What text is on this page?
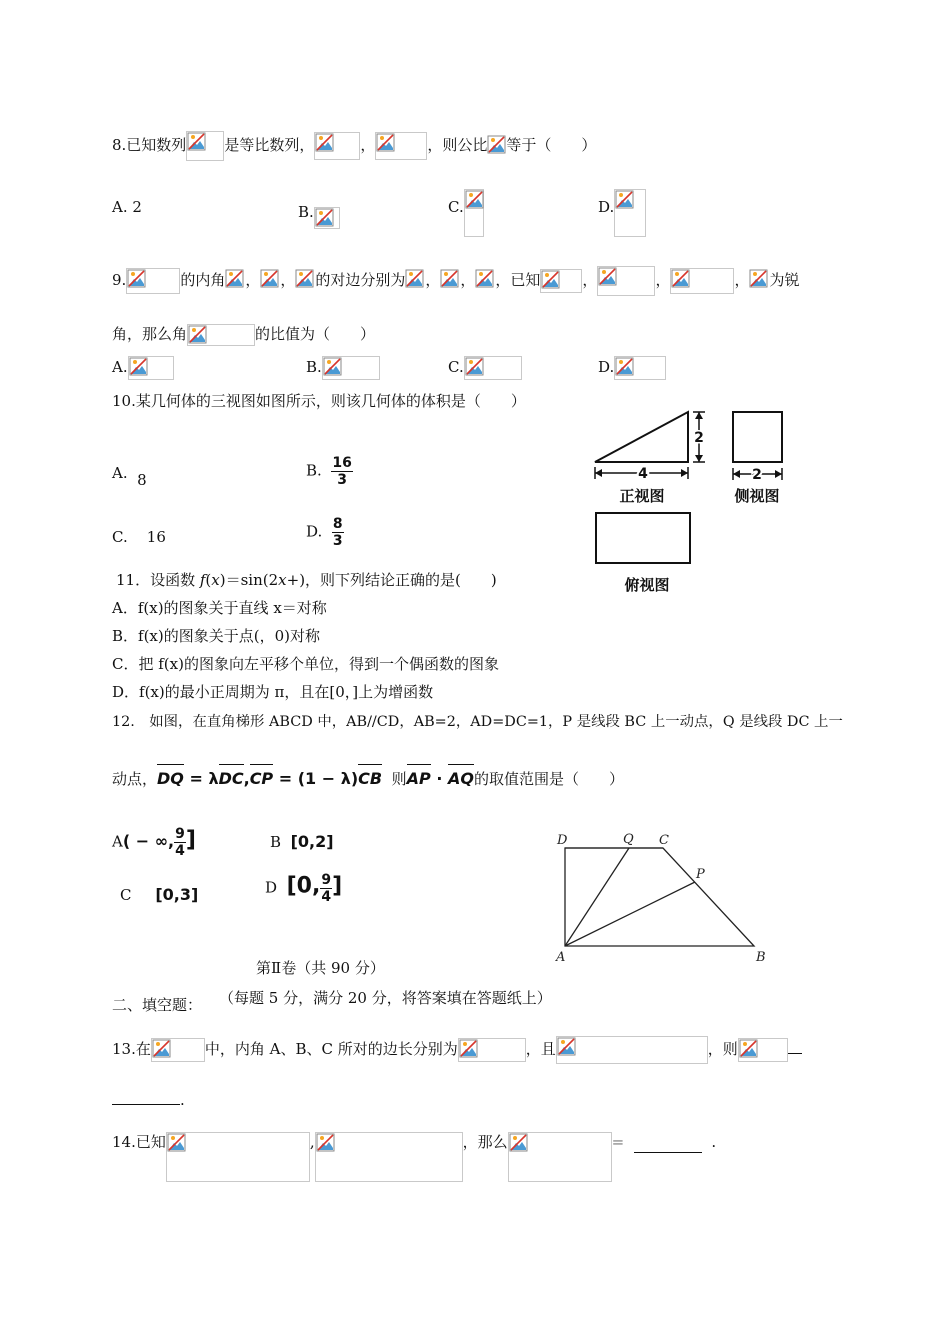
8.已知数列	是等比数列，	，	，则公比 等于（　　）
A. 2	B.	C.	D.
9.	的内角 ， ， 的对边分别为 ， ， ，已知	，	，	， 为锐
角，那么角	的比值为（　　）
A.	B.	C.	D.
10.某几何体的三视图如图所示，则该几何体的体积是（　　）
A. 8
B. $\frac{16}{3}$
C. 16	D. $\frac{8}{3}$
2
4
正视图
2
侧视图
俯视图
11．设函数 f(x)＝sin(2x+)，则下列结论正确的是(　　)
A．f(x)的图象关于直线 x＝对称
B．f(x)的图象关于点(，0)对称
C．把 f(x)的图象向左平移个单位，得到一个偶函数的图象
D．f(x)的最小正周期为 π，且在[0，]上为增函数
12.　如图，在直角梯形 ABCD 中，AB//CD，AB=2，AD=DC=1，P 是线段 BC 上一动点，Q 是线段 DC 上一
动点，DQ = λDC,CP = (1 − λ)CB 则AP · AQ的取值范围是（　　）
A( − ∞, $\frac{9}{4}$ ]	B [0,2]
C [0,3]	D [0, $\frac{9}{4}$ ]
D	Q C
P
A	B
第Ⅱ卷（共 90 分）
二、填空题： （每题 5 分，满分 20 分，将答案填在答题纸上）
13.在	中，内角 A、B、C 所对的边长分别为	，且	，则
.
14.已知	,	，那么	=	.
